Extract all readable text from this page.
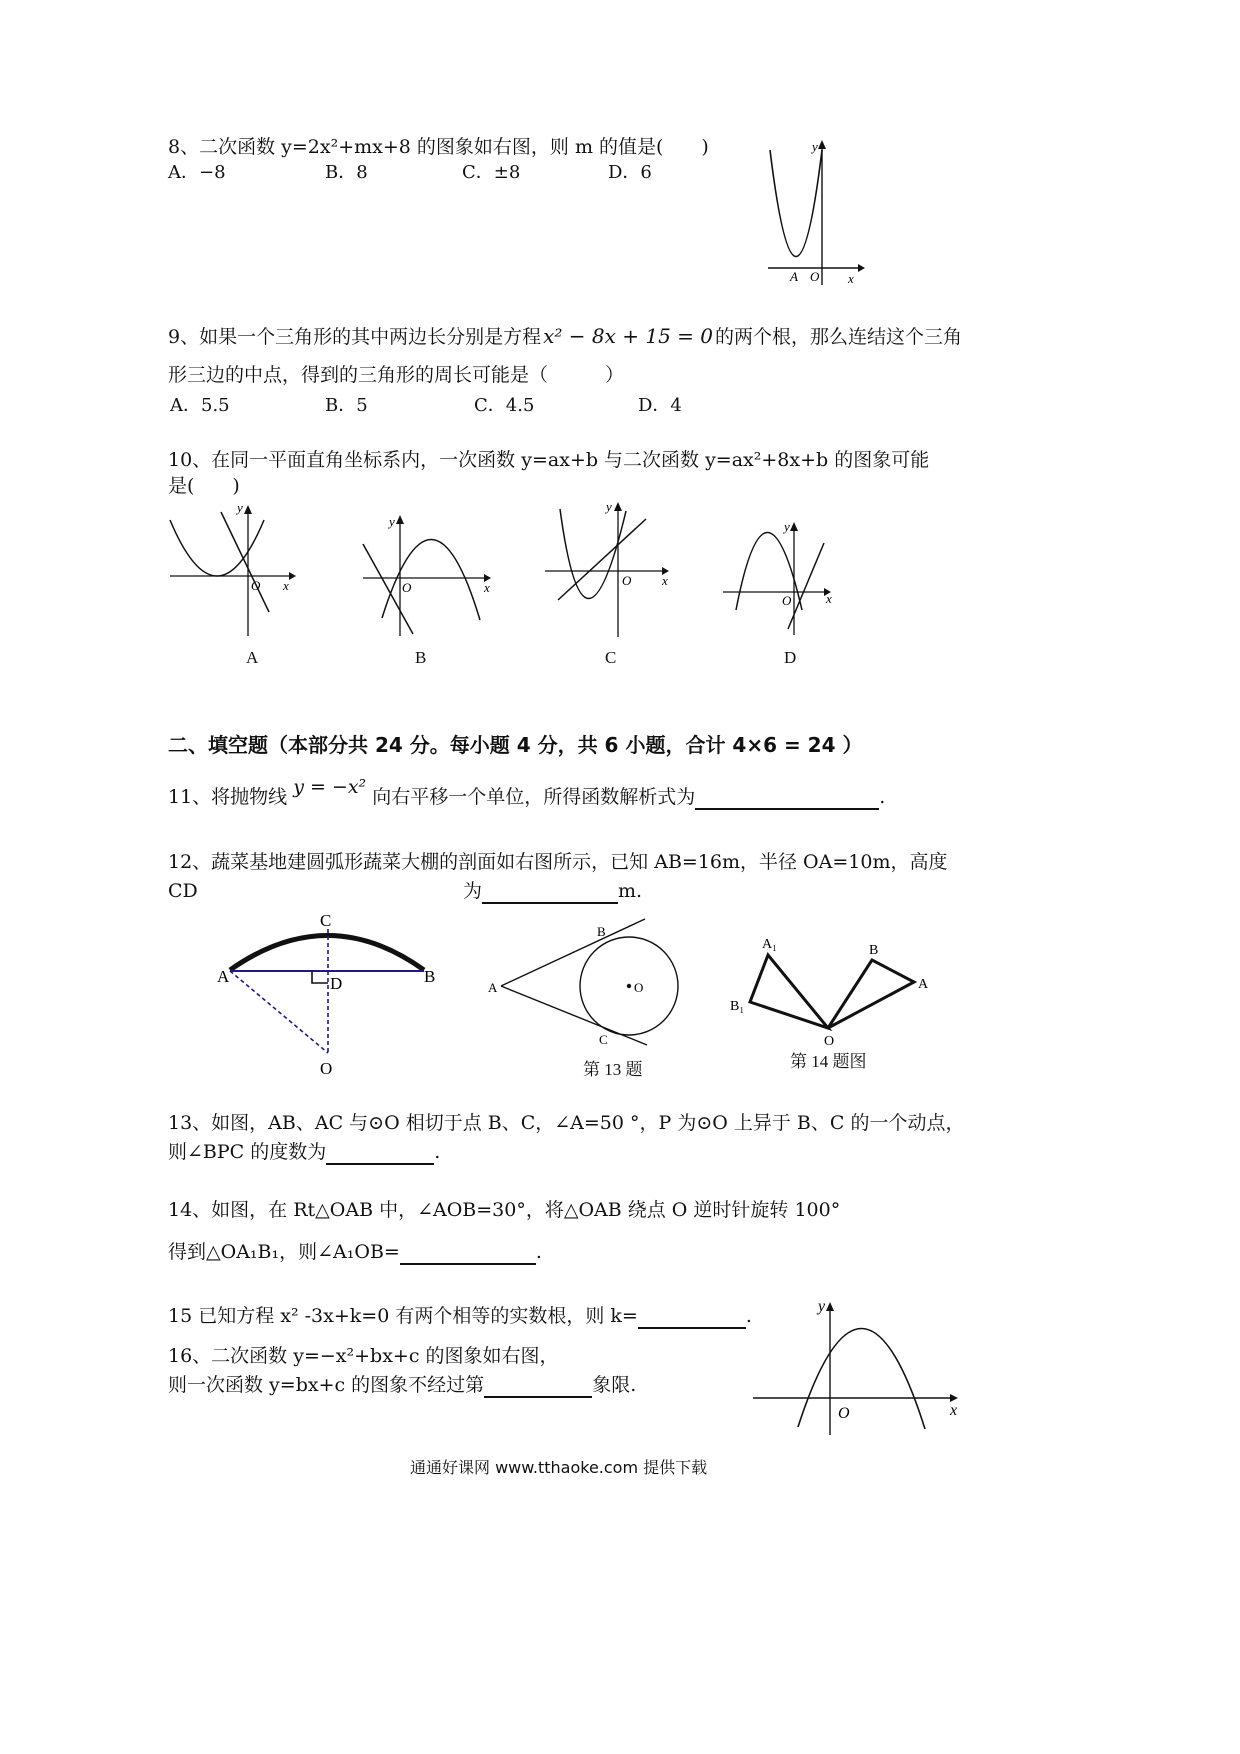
8、二次函数 y=2x²+mx+8 的图象如右图，则 m 的值是(　　)
A．−8	B．8	C．±8	D．6
y
x
A O
9、如果一个三角形的其中两边长分别是方程 x² − 8x + 15 = 0 的两个根，那么连结这个三角
形三边的中点，得到的三角形的周长可能是（　　　）
A．5.5	B．5	C．4.5	D．4
10、在同一平面直角坐标系内，一次函数 y=ax+b 与二次函数 y=ax²+8x+b 的图象可能
是(　　)
y
x
O
A
y
x
O
B
y
x
O
C
y
x
O
D
二、填空题（本部分共 24 分。每小题 4 分，共 6 小题，合计 4×6 = 24 ）
11、将抛物线 y = −x² 向右平移一个单位，所得函数解析式为	.
12、蔬菜基地建圆弧形蔬菜大棚的剖面如右图所示，已知 AB=16m，半径 OA=10m，高度
CD	为	m.
C
A	B
D
O
A
B
C
O
第 13 题
A₁
B₁
B
A
O
第 14 题图
13、如图，AB、AC 与⊙O 相切于点 B、C，∠A=50 °，P 为⊙O 上异于 B、C 的一个动点，
则∠BPC 的度数为	.
14、如图，在 Rt△OAB 中，∠AOB=30°，将△OAB 绕点 O 逆时针旋转 100°
得到△OA₁B₁，则∠A₁OB=	.
15 已知方程 x² -3x+k=0 有两个相等的实数根，则 k=	.
16、二次函数 y=−x²+bx+c 的图象如右图，
则一次函数 y=bx+c 的图象不经过第	象限.
y
x
O
通通好课网 www.tthaoke.com 提供下载
